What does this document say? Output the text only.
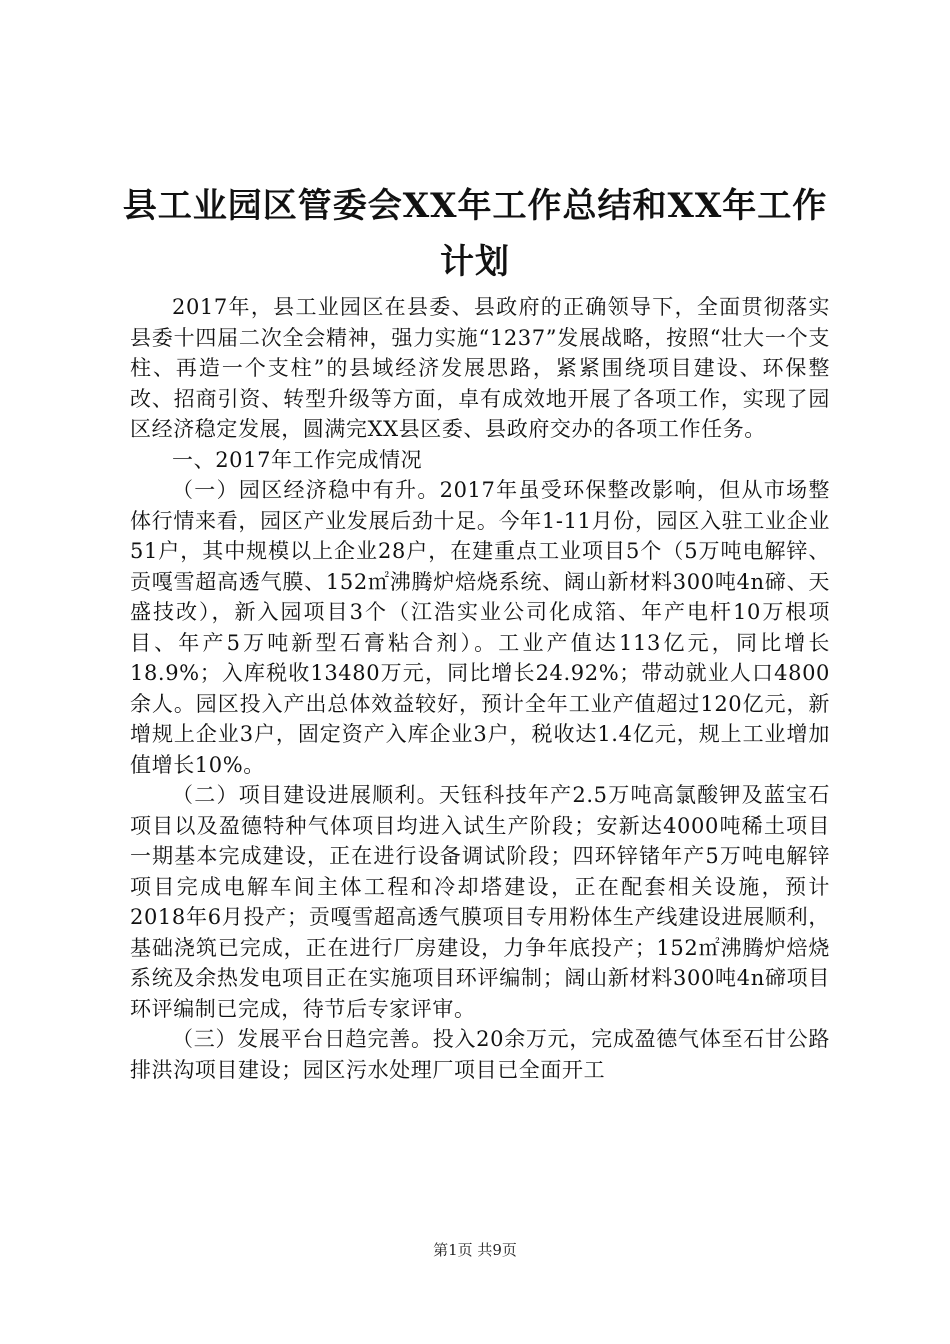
县工业园区管委会XX年工作总结和XX年工作计划

2017年，县工业园区在县委、县政府的正确领导下，全面贯彻落实县委十四届二次全会精神，强力实施“1237”发展战略，按照“壮大一个支柱、再造一个支柱”的县域经济发展思路，紧紧围绕项目建设、环保整改、招商引资、转型升级等方面，卓有成效地开展了各项工作，实现了园区经济稳定发展，圆满完XX县区委、县政府交办的各项工作任务。

一、2017年工作完成情况

（一）园区经济稳中有升。2017年虽受环保整改影响，但从市场整体行情来看，园区产业发展后劲十足。今年1-11月份，园区入驻工业企业51户，其中规模以上企业28户，在建重点工业项目5个（5万吨电解锌、贡嘎雪超高透气膜、152㎡沸腾炉焙烧系统、阔山新材料300吨4n碲、天盛技改），新入园项目3个（江浩实业公司化成箔、年产电杆10万根项目、年产5万吨新型石膏粘合剂）。工业产值达113亿元，同比增长18.9%；入库税收13480万元，同比增长24.92%；带动就业人口4800余人。园区投入产出总体效益较好，预计全年工业产值超过120亿元，新增规上企业3户，固定资产入库企业3户，税收达1.4亿元，规上工业增加值增长10%。

（二）项目建设进展顺利。天钰科技年产2.5万吨高氯酸钾及蓝宝石项目以及盈德特种气体项目均进入试生产阶段；安新达4000吨稀土项目一期基本完成建设，正在进行设备调试阶段；四环锌锗年产5万吨电解锌项目完成电解车间主体工程和冷却塔建设，正在配套相关设施，预计2018年6月投产；贡嘎雪超高透气膜项目专用粉体生产线建设进展顺利，基础浇筑已完成，正在进行厂房建设，力争年底投产；152㎡沸腾炉焙烧系统及余热发电项目正在实施项目环评编制；阔山新材料300吨4n碲项目环评编制已完成，待节后专家评审。

（三）发展平台日趋完善。投入20余万元，完成盈德气体至石甘公路排洪沟项目建设；园区污水处理厂项目已全面开工

第1页 共9页
